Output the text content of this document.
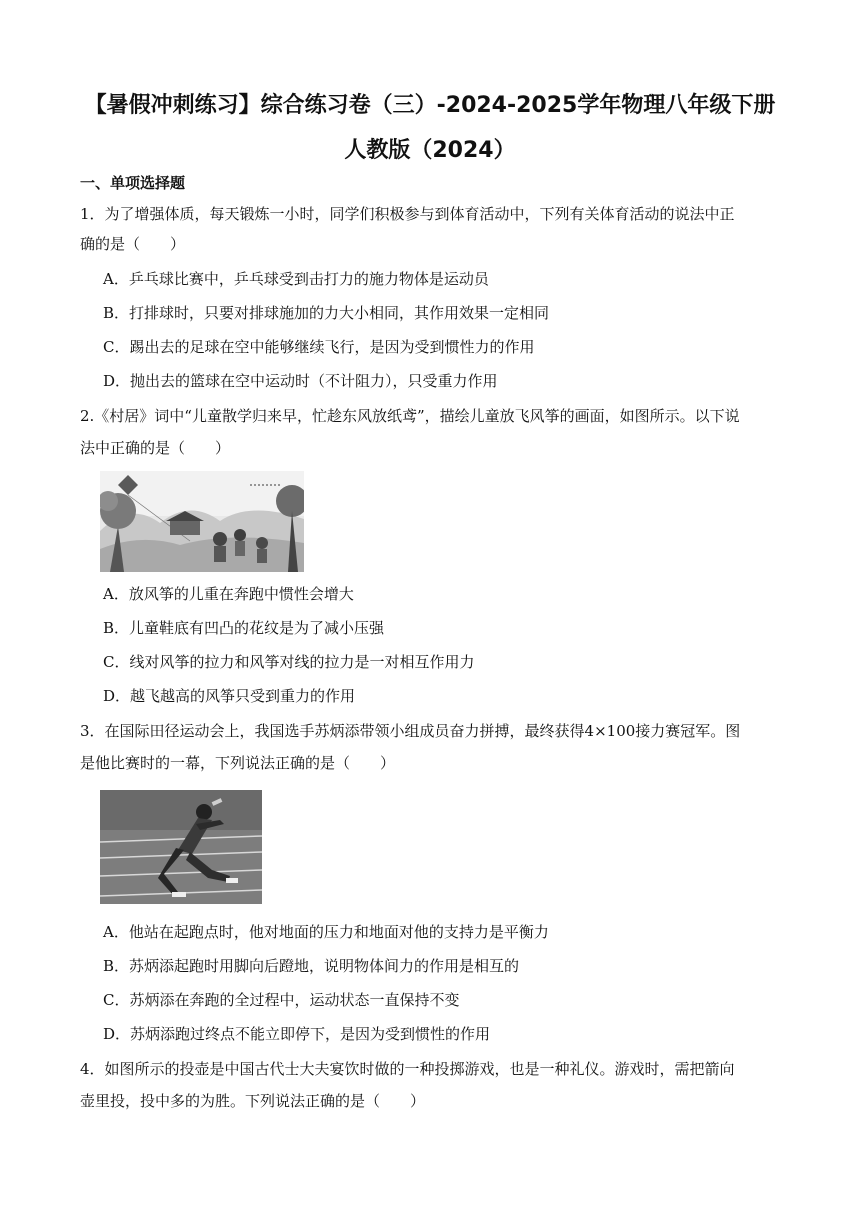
【暑假冲刺练习】综合练习卷（三）-2024-2025学年物理八年级下册
人教版（2024）
一、单项选择题
1．为了增强体质，每天锻炼一小时，同学们积极参与到体育活动中，下列有关体育活动的说法中正
确的是（　　）
A．乒乓球比赛中，乒乓球受到击打力的施力物体是运动员
B．打排球时，只要对排球施加的力大小相同，其作用效果一定相同
C．踢出去的足球在空中能够继续飞行，是因为受到惯性力的作用
D．抛出去的篮球在空中运动时（不计阻力），只受重力作用
2.《村居》词中“儿童散学归来早，忙趁东风放纸鸢”，描绘儿童放飞风筝的画面，如图所示。以下说
法中正确的是（　　）
A．放风筝的儿重在奔跑中惯性会增大
B．儿童鞋底有凹凸的花纹是为了减小压强
C．线对风筝的拉力和风筝对线的拉力是一对相互作用力
D．越飞越高的风筝只受到重力的作用
3．在国际田径运动会上，我国选手苏炳添带领小组成员奋力拼搏，最终获得4×100接力赛冠军。图
是他比赛时的一幕，下列说法正确的是（　　）
A．他站在起跑点时，他对地面的压力和地面对他的支持力是平衡力
B．苏炳添起跑时用脚向后蹬地，说明物体间力的作用是相互的
C．苏炳添在奔跑的全过程中，运动状态一直保持不变
D．苏炳添跑过终点不能立即停下，是因为受到惯性的作用
4．如图所示的投壶是中国古代士大夫宴饮时做的一种投掷游戏，也是一种礼仪。游戏时，需把箭向
壶里投，投中多的为胜。下列说法正确的是（　　）
